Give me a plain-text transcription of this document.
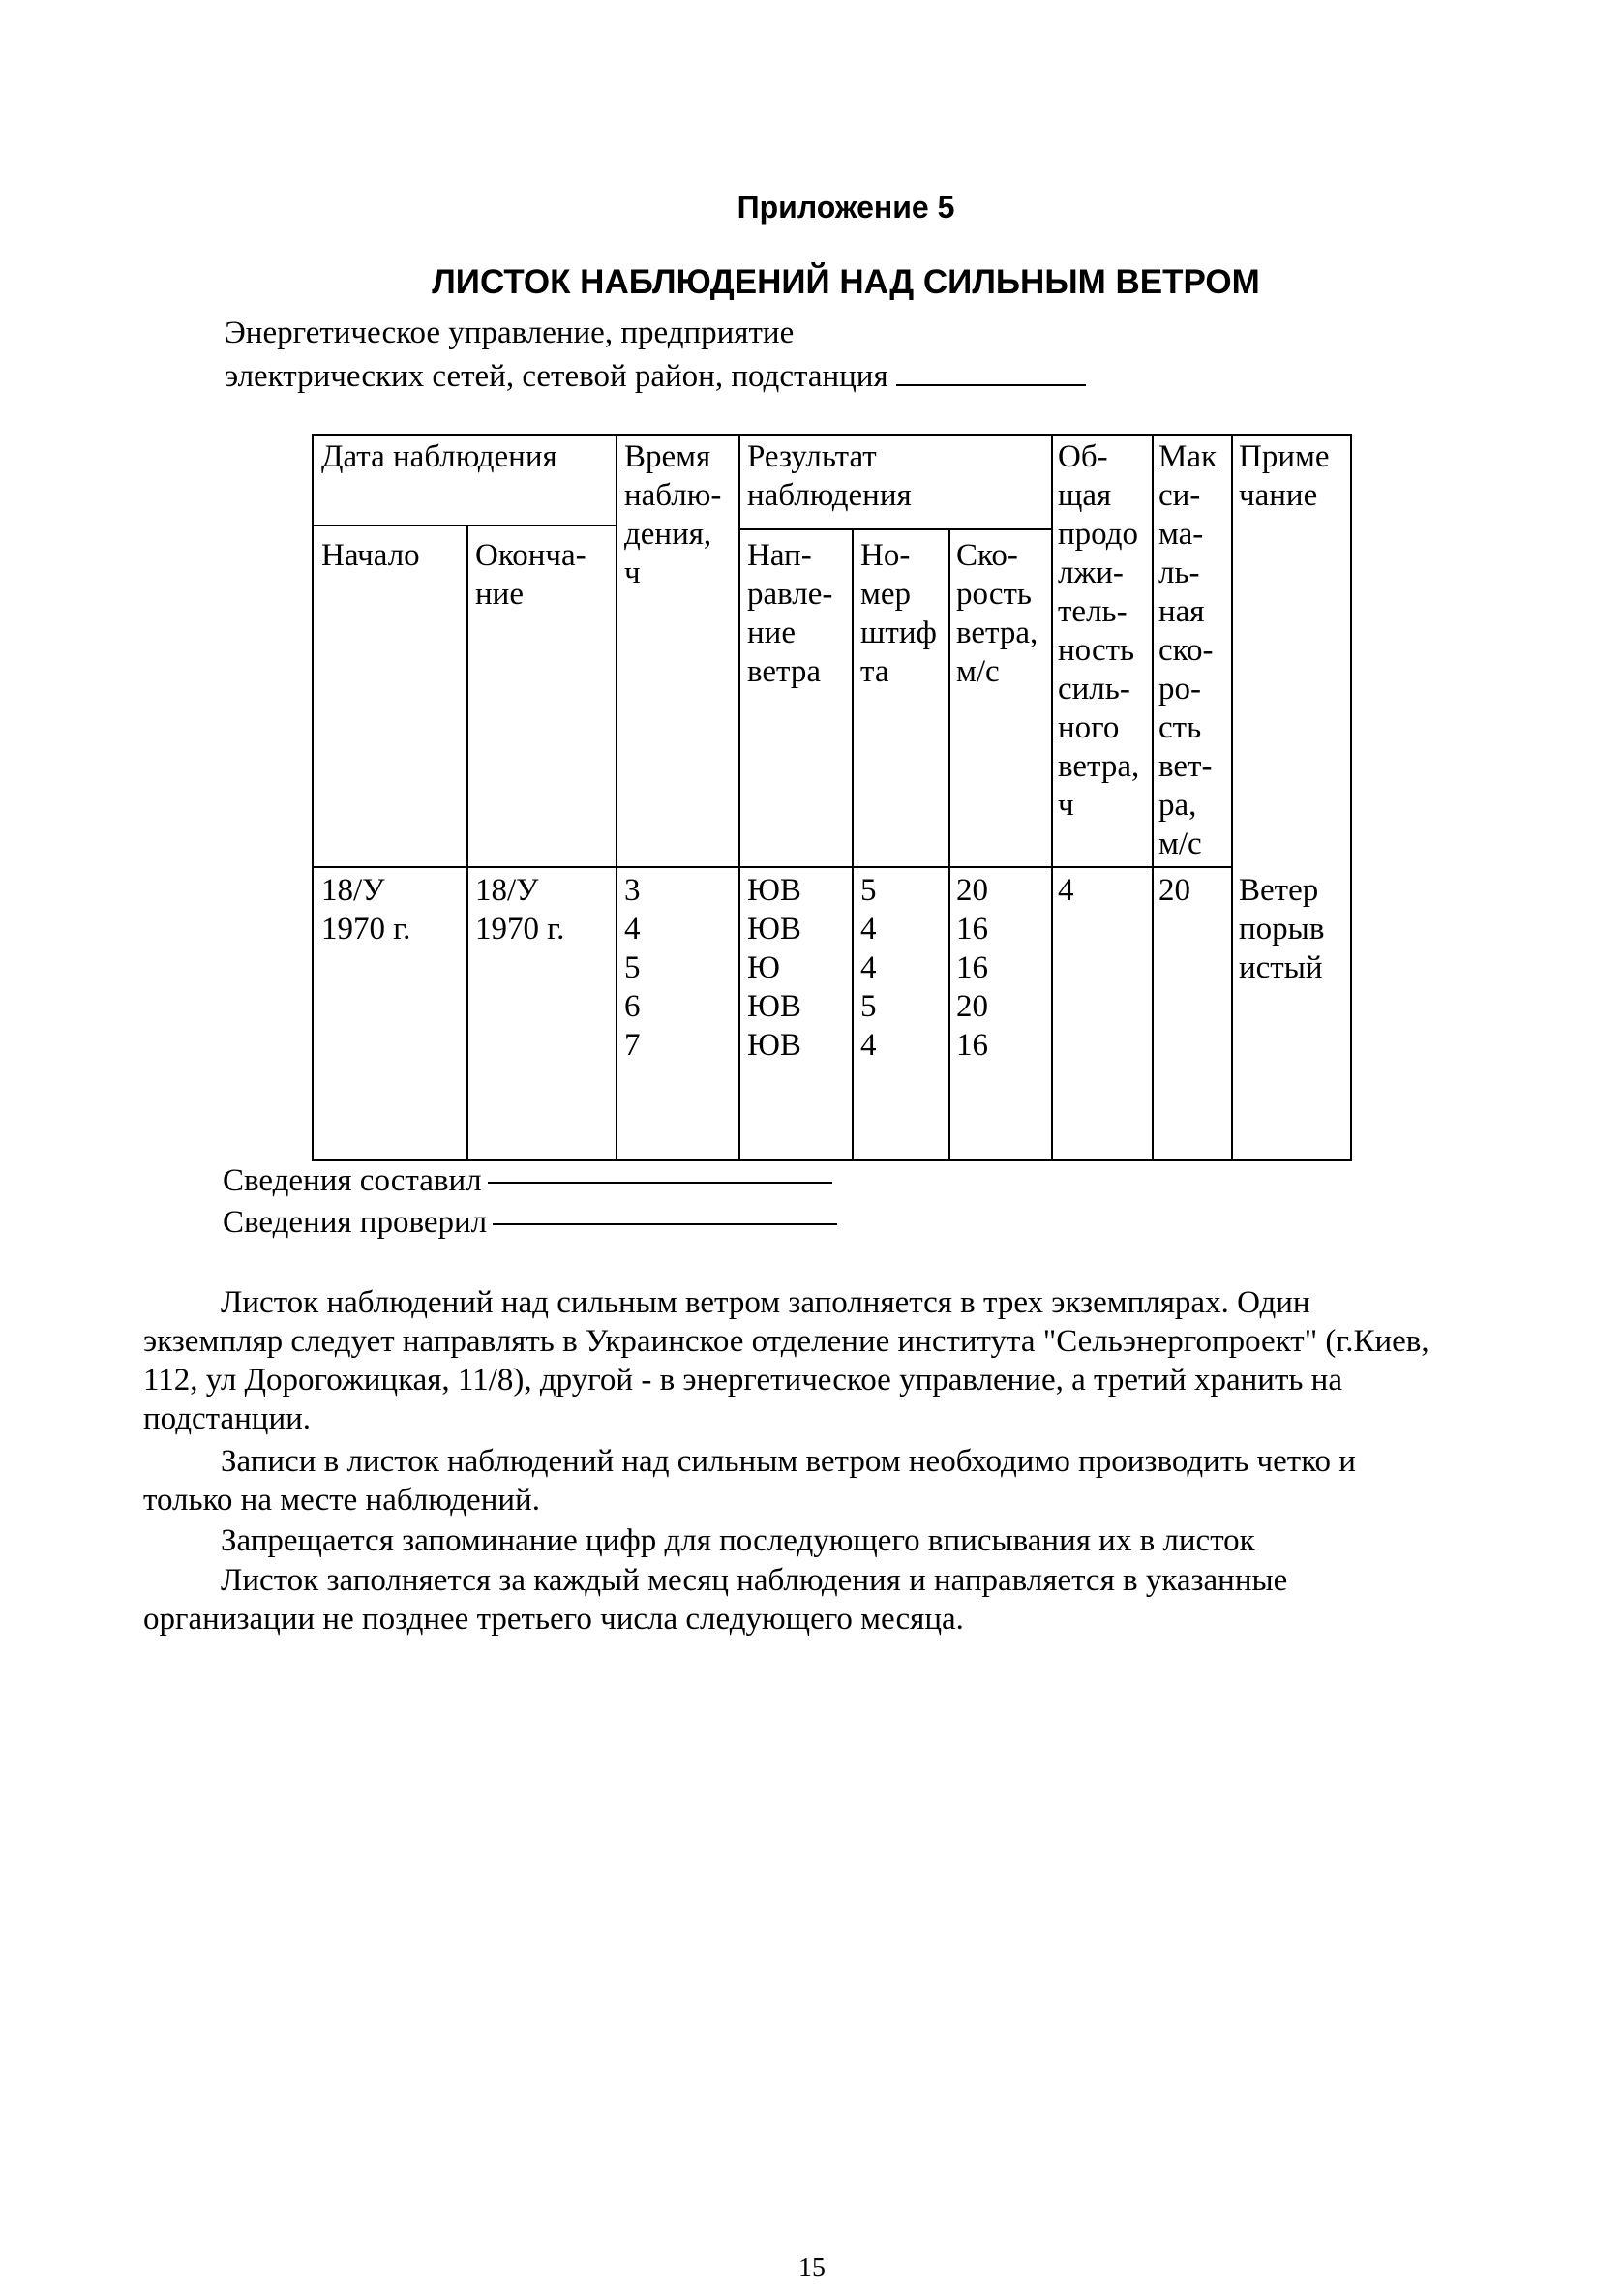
Приложение 5
ЛИСТОК НАБЛЮДЕНИЙ НАД СИЛЬНЫМ ВЕТРОМ
Энергетическое управление, предприятие
электрических сетей, сетевой район, подстанция
Дата наблюдения
Начало Оконча-
ние
Время
наблю-
дения,
ч
Результат
наблюдения
Нап-
равле-
ние
ветра
Но-
мер
штиф
та
Ско-
рость
ветра,
м/с
Об-
щая
продо
лжи-
тель-
ность
силь-
ного
ветра,
ч
Мак
си-
ма-
ль-
ная
ско-
ро-
сть
вет-
ра,
м/с
Приме
чание
18/У
1970 г.
18/У
1970 г.
3
4
5
6
7
ЮВ
ЮВ
Ю
ЮВ
ЮВ
5
4
4
5
4
20
16
16
20
16
4	20 Ветер
порыв
истый
Сведения составил
Сведения проверил
Листок наблюдений над сильным ветром заполняется в трех экземплярах. Один экземпляр следует направлять в Украинское отделение института "Сельэнергопроект" (г.Киев, 112, ул Дорогожицкая, 11/8), другой - в энергетическое управление, а третий хранить на подстанции.
Записи в листок наблюдений над сильным ветром необходимо производить четко и только на месте наблюдений.
Запрещается запоминание цифр для последующего вписывания их в листок
Листок заполняется за каждый месяц наблюдения и направляется в указанные организации не позднее третьего числа следующего месяца.
15
